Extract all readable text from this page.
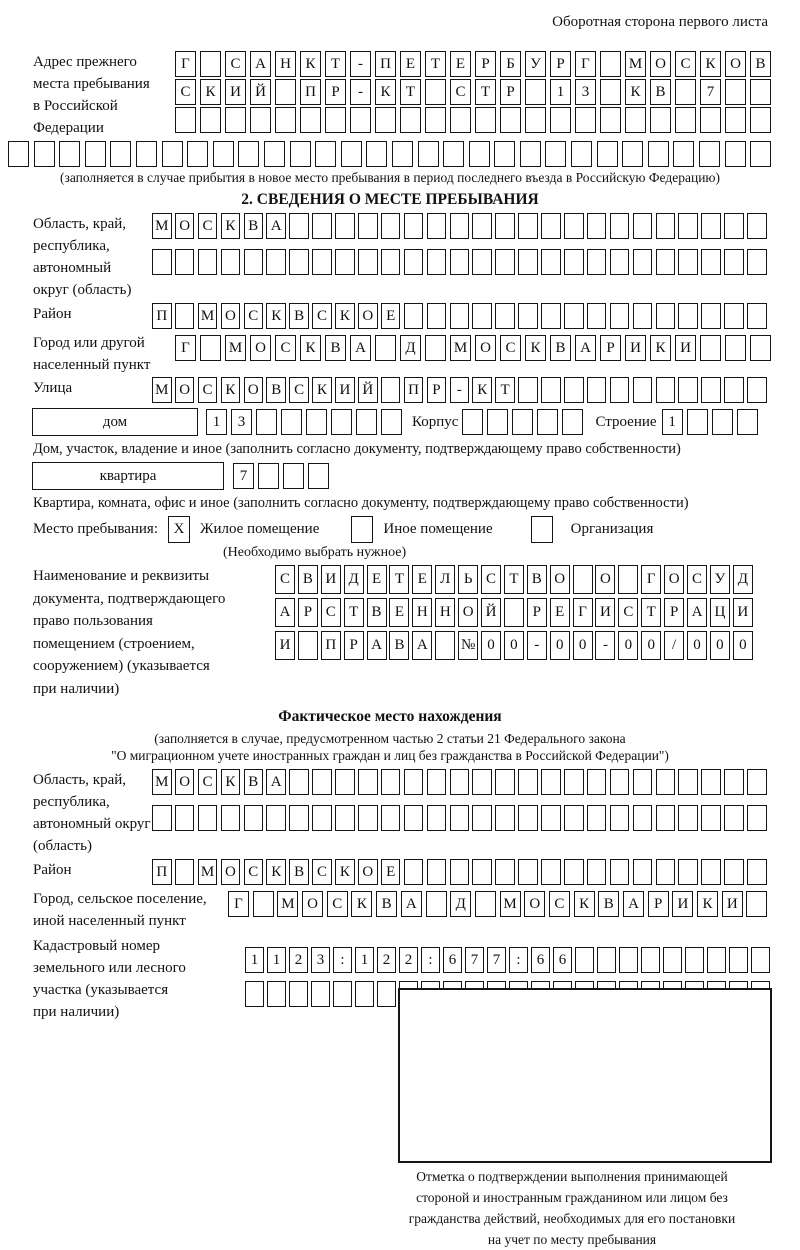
Оборотная сторона первого листа
Адрес прежнего
места пребывания
в Российской
Федерации
Г	С А Н К	Т	-	П Е	Т	Е	Р	Б	У	Р	Г	М О С К О В
С К И Й	П	Р	-	К	Т	С	Т	Р	1	3	К В	7
(заполняется в случае прибытия в новое место пребывания в период последнего въезда в Российскую Федерацию)
2. СВЕДЕНИЯ О МЕСТЕ ПРЕБЫВАНИЯ
Область, край,
республика,
автономный
округ (область)
М О С К В А
Район	П М О С К В С К О Е
Город или другой
населенный пункт
Г	М О С К В А	Д	М О С К В А	Р	И К И
Улица	М О С К О В С К И Й П Р	-	К Т
дом	1	3	Корпус	Строение 1
Дом, участок, владение и иное (заполнить согласно документу, подтверждающему право собственности)
квартира	7
Квартира, комната, офис и иное (заполнить согласно документу, подтверждающему право собственности)
Место пребывания:	X	Жилое помещение	Иное помещение	Организация
(Необходимо выбрать нужное)
Наименование и реквизиты
документа, подтверждающего
право пользования
помещением (строением,
сооружением) (указывается
при наличии)
С В И Д Е Т Е Л Ь С Т В О	О	Г О С У Д
А Р С Т В Е Н Н О Й	Р Е Г И С Т Р А Ц И
И	П Р А В А	№ 0	0	-	0	0	-	0	0	/	0	0	0
Фактическое место нахождения
(заполняется в случае, предусмотренном частью 2 статьи 21 Федерального закона
"О миграционном учете иностранных граждан и лиц без гражданства в Российской Федерации")
Область, край,
республика,
автономный округ
(область)
М О С К В А
Район	П М О С К В С К О Е
Город, сельское поселение,
иной населенный пункт
Г	М О С К В А	Д	М О С К В А	Р	И К И
Кадастровый номер
земельного или лесного
участка (указывается
при наличии)
1 1 2 3	:	1 2 2	:	6 7 7	:	6 6
Отметка о подтверждении выполнения принимающей
стороной и иностранным гражданином или лицом без
гражданства действий, необходимых для его постановки
на учет по месту пребывания
